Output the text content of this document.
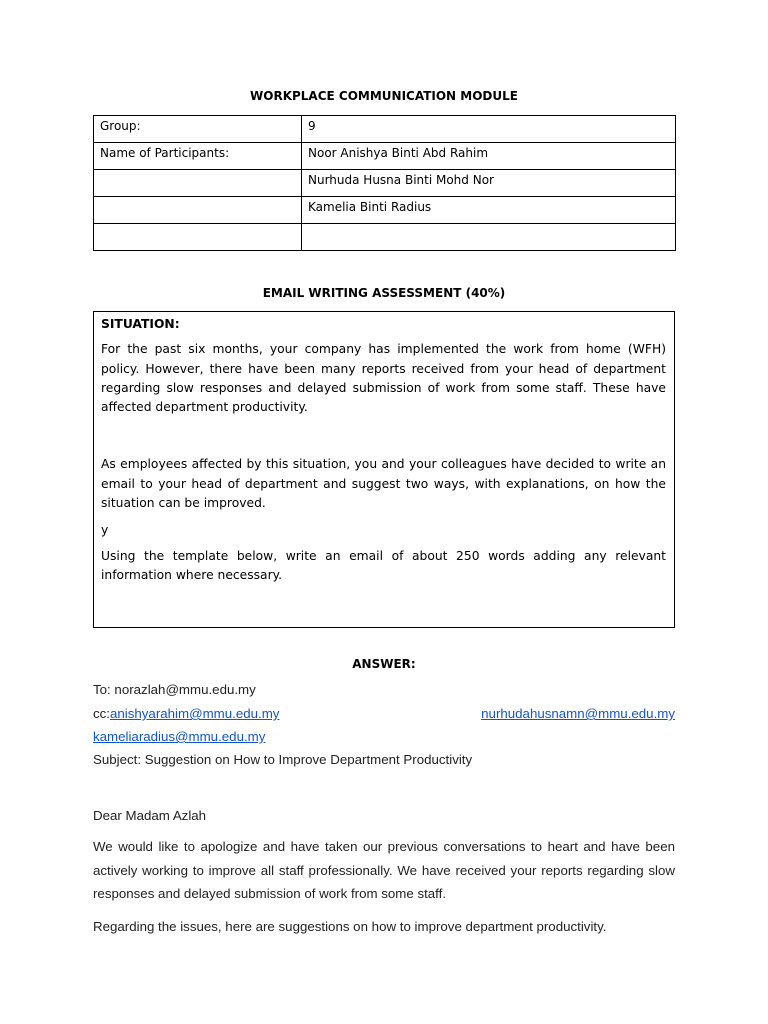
WORKPLACE COMMUNICATION MODULE
Group:	9
Name of Participants:	Noor Anishya Binti Abd Rahim
	Nurhuda Husna Binti Mohd Nor
	Kamelia Binti Radius

EMAIL WRITING ASSESSMENT (40%)

SITUATION:

For the past six months, your company has implemented the work from home (WFH) policy. However, there have been many reports received from your head of department regarding slow responses and delayed submission of work from some staff. These have affected department productivity.

As employees affected by this situation, you and your colleagues have decided to write an email to your head of department and suggest two ways, with explanations, on how the situation can be improved.

y

Using the template below, write an email of about 250 words adding any relevant information where necessary.

ANSWER:
To: norazlah@mmu.edu.my
cc:anishyarahim@mmu.edu.my	nurhudahusnamn@mmu.edu.my
kameliaradius@mmu.edu.my
Subject: Suggestion on How to Improve Department Productivity
Dear Madam Azlah

We would like to apologize and have taken our previous conversations to heart and have been actively working to improve all staff professionally. We have received your reports regarding slow responses and delayed submission of work from some staff.

Regarding the issues, here are suggestions on how to improve department productivity.
